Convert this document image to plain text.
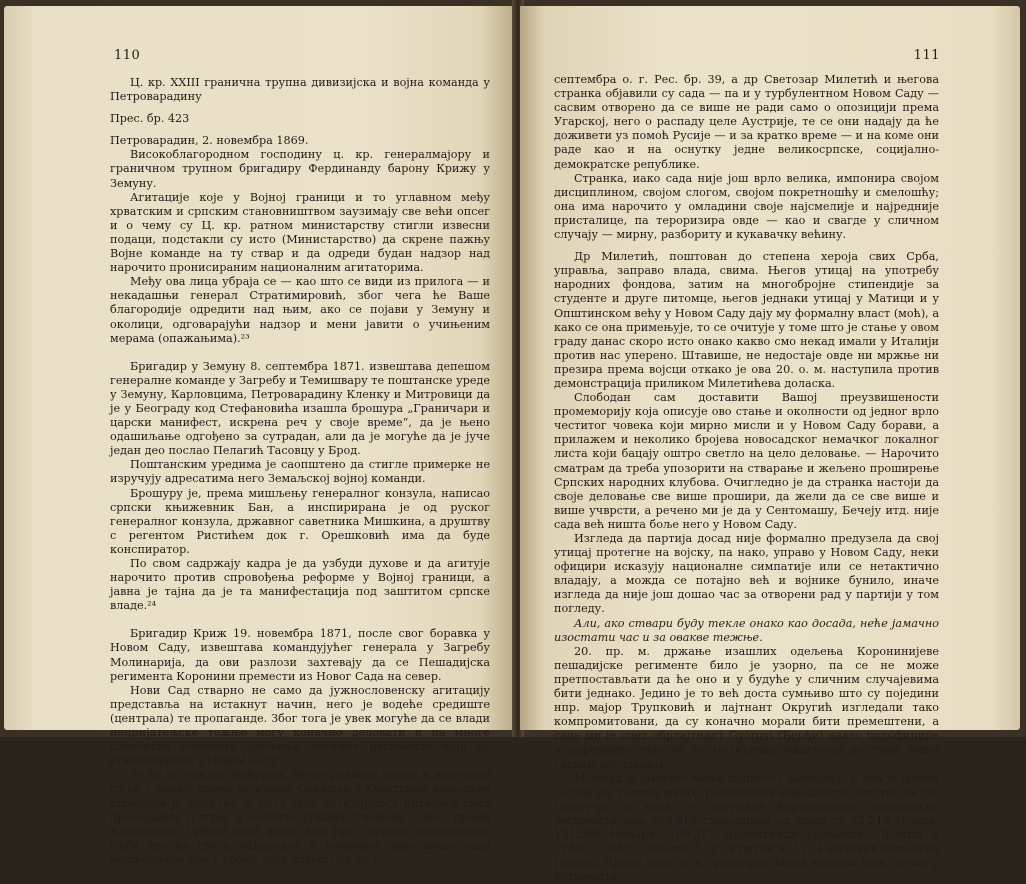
110

Ц. кр. XXIII гранична трупна дивизијска и војна команда у Петроварадину

Прес. бр. 423

Петроварадин, 2. новембра 1869.

Високоблагородном господину ц. кр. генералмајору и граничном трупном бригадиру Фердинанду барону Крижу у Земуну.

Агитације које у Војној граници и то углавном међу хрватским и српским становништвом заузимају све већи опсег и о чему су Ц. кр. ратном министарству стигли извесни подаци, подстакли су исто (Министарство) да скрене пажњу Војне команде на ту ствар и да одреди будан надзор над нарочито пронисираним националним агитаторима.

Међу ова лица убраја се — као што се види из прилога — и некадашњи генерал Стратимировић, због чега ће Ваше благородије одредити над њим, ако се појави у Земуну и околици, одговарајући надзор и мени јавити о учињеним мерама (опажањима).²³

Бригадир у Земуну 8. септембра 1871. извештава депешом генералне команде у Загребу и Темишвару те поштанске уреде у Земуну, Карловцима, Петроварадину Кленку и Митровици да је у Београду код Стефановића изашла брошура „Граничари и царски манифест, искрена реч у своје време“, да је њено одашиљање одгођено за сутрадан, али да је могуће да је јуче један део послао Пелагић Тасовцу у Брод.

Поштанским уредима је саопштено да стигле примерке не изручују адресатима него Земаљској војној команди.

Брошуру је, према мишљењу генералног конзула, написао српски књижевник Бан, а инспирирана је од руског генералног конзула, државног саветника Мишкина, а друштву с регентом Ристићем док г. Орешковић има да буде конспиратор.

По свом садржају кадра је да узбуди духове и да агитује нарочито против спровођења реформе у Војној граници, а јавна је тајна да је та манифестација под заштитом српске владе.²⁴

Бригадир Криж 19. новембра 1871, после свог боравка у Новом Саду, извештава командујућег генерала у Загребу Молинарија, да ови разлози захтевају да се Пешадијска регимента Коронини премести из Новог Сада на север.

Нови Сад стварно не само да јужнословенску агитацију представља на истакнут начин, него је водеће средиште (централа) те пропаганде. Због тога је увек могуће да се влади непријатељске тежње могу коначно деловати и на многе словенске елементе одељења дотичне регименте која су стационирана у Новом Саду.

Те су се тежње, међутим, битно развиле отпре и нарочито су се у новије време појачале. Сарадња с Хрватском народном странком је одлична, а исто тако солидарност интереса свих претераних (ултра) и особито Јужних Славена; однос према Кнежевини Србији није више као пре, мржња новосадских Срба против свега мађарског и немачког није више тако нешкодљива као у време кога извештаја од 1.

111

септембра о. г. Рес. бр. 39, а др Светозар Милетић и његова странка објавили су сада — па и у турбулентном Новом Саду — сасвим отворено да се више не ради само о опозицији према Угарској, него о распаду целе Аустрије, те се они надају да ће доживети уз помоћ Русије — и за кратко време — и на коме они раде као и на оснутку једне великосрпске, социјално-демократске републике.

Странка, иако сада није још врло велика, импонира својом дисциплином, својом слогом, својом покретношћу и смелошћу; она има нарочито у омладини своје најсмелије и најредније присталице, па тероризира овде — као и свагде у сличном случају — мирну, разбориту и кукавачку већину.

Др Милетић, поштован до степена хероја свих Срба, управља, заправо влада, свима. Његов утицај на употребу народних фондова, затим на многобројне стипендије за студенте и друге питомце, његов једнаки утицај у Матици и у Општинском већу у Новом Саду дају му формалну власт (моћ), а како се она примењује, то се очитује у томе што је стање у овом граду данас скоро исто онако какво смо некад имали у Италији против нас уперено. Штавише, не недостаје овде ни мржње ни презира према војсци откако је ова 20. о. м. наступила против демонстрација приликом Милетићева доласка.

Слободан сам доставити Вашој преузвишености промеморију која описује ово стање и околности од једног врло честитог човека који мирно мисли и у Новом Саду борави, а прилажем и неколико бројева новосадског немачког локалног листа који бацају оштро светло на цело деловање. — Нарочито сматрам да треба упозорити на стварање и жељено проширење Српских народних клубова. Очигледно је да странка настоји да своје деловање све више прошири, да жели да се све више и више учврсти, а речено ми је да у Сентомашу, Бечеју итд. није сада већ ништа боље него у Новом Саду.

Изгледа да партија досад није формално предузела да свој утицај протегне на војску, па нако, управо у Новом Саду, неки официри исказују националне симпатије или се нетактично владају, а можда се потајно већ и војнике бунило, иначе изгледа да није још дошао час за отворени рад у партији у том погледу.

Али, ако ствари буду текле онако као досада, неће јамачно изостати час и за овакве тежње.

20. пр. м. држање изашлих одељења Коронинијеве пешадијске регименте било је узорно, па се не може претпостављати да ће оно и у будуће у сличним случајевима бити једнако. Једино је то већ доста сумњиво што су поједини нпр. мајор Трупковић и лајтнант Округић изгледали тако компромитовани, да су коначно морали бити премештени, а сада ми је опет обрлајтнант Györgyi (Ђерђи) навео подофицире и нареднике чије му се политичко мишљење не чини више сасвим поузданим.

Момчад је јамачно мање подлегла завођењу, и већ је њезин састав од толико много различитих народности јемство за то. Подручје са кога се попуњава Коронинијева пешадијска регимента има 353.616 становника од којих су 73.215 Немци, 134.398 Мађари, 109.317 Далматинци (Буњевци), Шокци и Срби, 21.665 Словаци, 7.727 Румуни и 7.274 њихових немачких Јевреја. Према томе је и сразмерна квота војника који служе у Регименти.
